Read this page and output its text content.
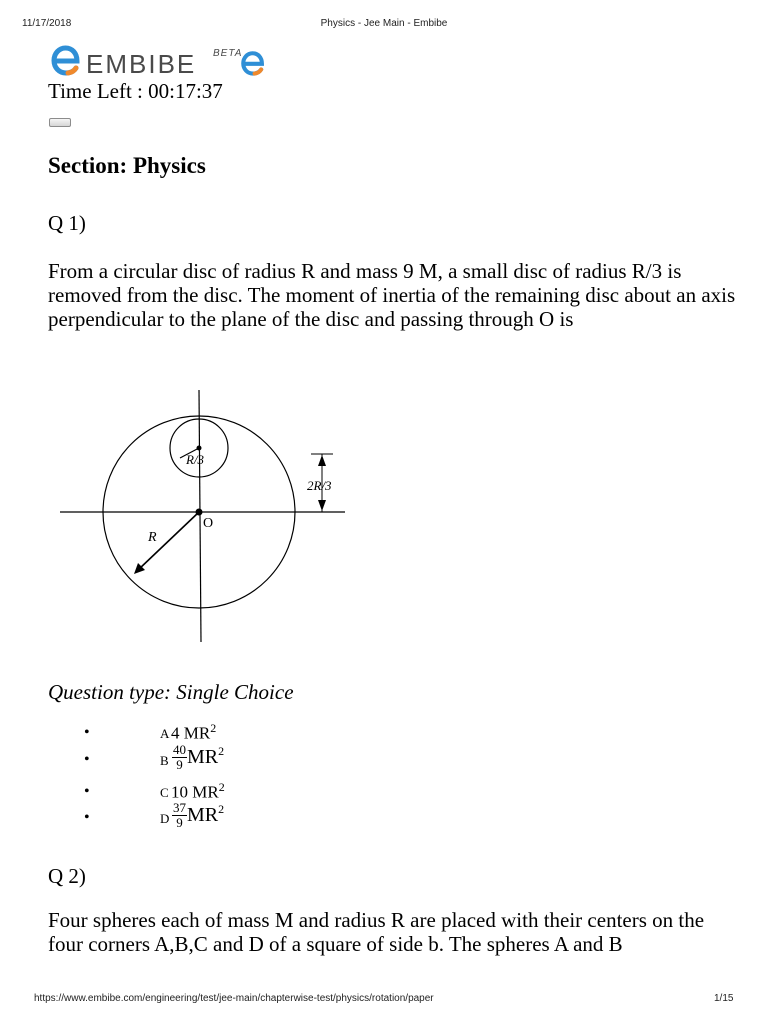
11/17/2018	Physics - Jee Main - Embibe
EMBIBE BETA
Time Left : 00:17:37
Section: Physics
Q 1)

From a circular disc of radius R and mass 9 M, a small disc of radius R/3 is removed from the disc. The moment of inertia of the remaining disc about an axis perpendicular to the plane of the disc and passing through O is

R/3
2R/3
O
R
Question type: Single Choice
•	A 4 $MR^2$
•	B $\frac{40}{9} MR^2$
•	C 10 $MR^2$
•	D $\frac{37}{9} MR^2$
Q 2)

Four spheres each of mass M and radius R are placed with their centers on the four corners A,B,C and D of a square of side b. The spheres A and B

https://www.embibe.com/engineering/test/jee-main/chapterwise-test/physics/rotation/paper	1/15
